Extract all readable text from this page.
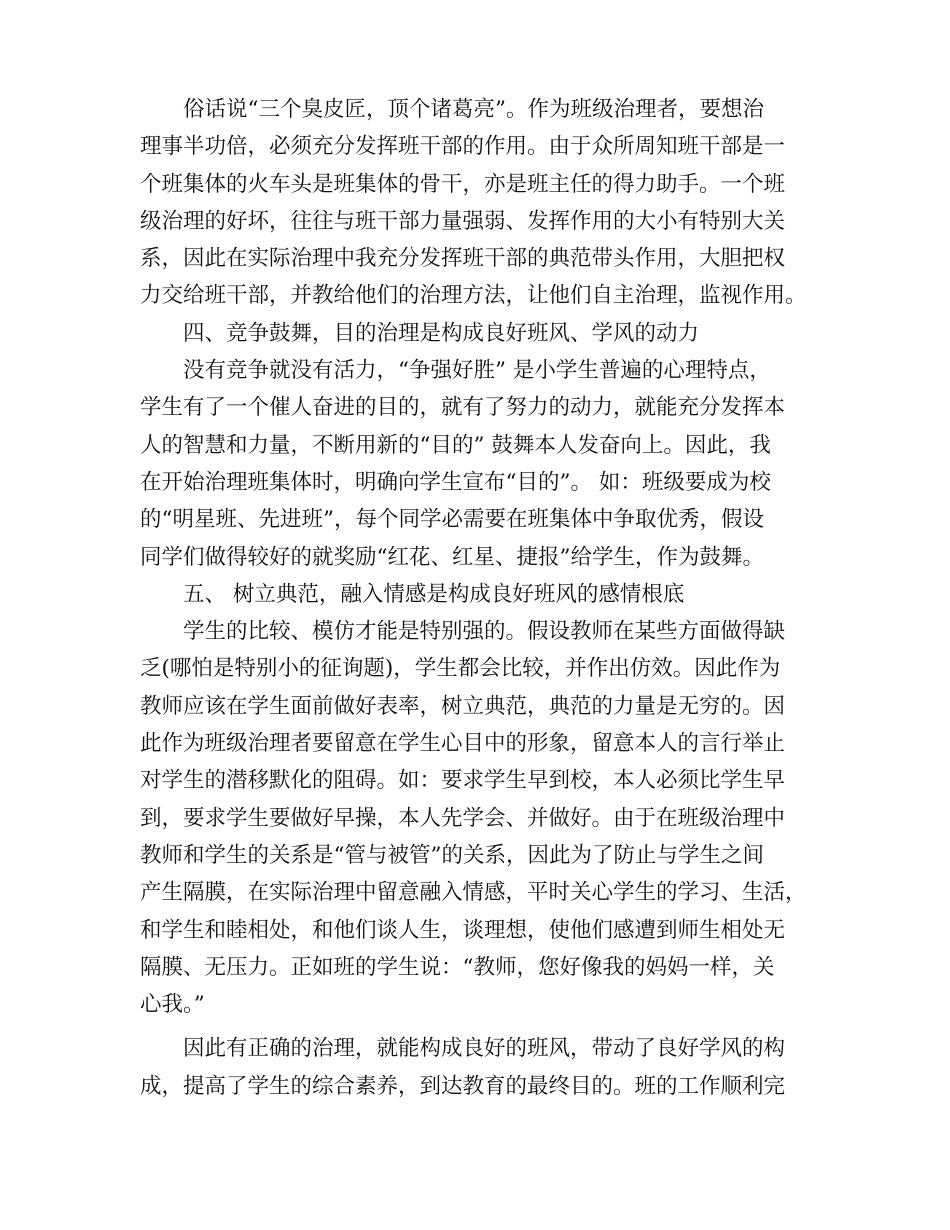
俗话说“三个臭皮匠，顶个诸葛亮”。作为班级治理者，要想治
理事半功倍，必须充分发挥班干部的作用。由于众所周知班干部是一
个班集体的火车头是班集体的骨干，亦是班主任的得力助手。一个班
级治理的好坏，往往与班干部力量强弱、发挥作用的大小有特别大关
系，因此在实际治理中我充分发挥班干部的典范带头作用，大胆把权
力交给班干部，并教给他们的治理方法，让他们自主治理，监视作用。
四、竞争鼓舞，目的治理是构成良好班风、学风的动力
没有竞争就没有活力，“争强好胜” 是小学生普遍的心理特点，
学生有了一个催人奋进的目的，就有了努力的动力，就能充分发挥本
人的智慧和力量，不断用新的“目的” 鼓舞本人发奋向上。因此，我
在开始治理班集体时，明确向学生宣布“目的”。 如：班级要成为校
的“明星班、先进班”，每个同学必需要在班集体中争取优秀，假设
同学们做得较好的就奖励“红花、红星、捷报”给学生，作为鼓舞。
五、 树立典范，融入情感是构成良好班风的感情根底
学生的比较、模仿才能是特别强的。假设教师在某些方面做得缺
乏(哪怕是特别小的征询题)，学生都会比较，并作出仿效。因此作为
教师应该在学生面前做好表率，树立典范，典范的力量是无穷的。因
此作为班级治理者要留意在学生心目中的形象，留意本人的言行举止
对学生的潜移默化的阻碍。如：要求学生早到校，本人必须比学生早
到，要求学生要做好早操，本人先学会、并做好。由于在班级治理中
教师和学生的关系是“管与被管”的关系，因此为了防止与学生之间
产生隔膜，在实际治理中留意融入情感，平时关心学生的学习、生活，
和学生和睦相处，和他们谈人生，谈理想，使他们感遭到师生相处无
隔膜、无压力。正如班的学生说：“教师，您好像我的妈妈一样，关
心我。”
因此有正确的治理，就能构成良好的班风，带动了良好学风的构
成，提高了学生的综合素养，到达教育的最终目的。班的工作顺利完
